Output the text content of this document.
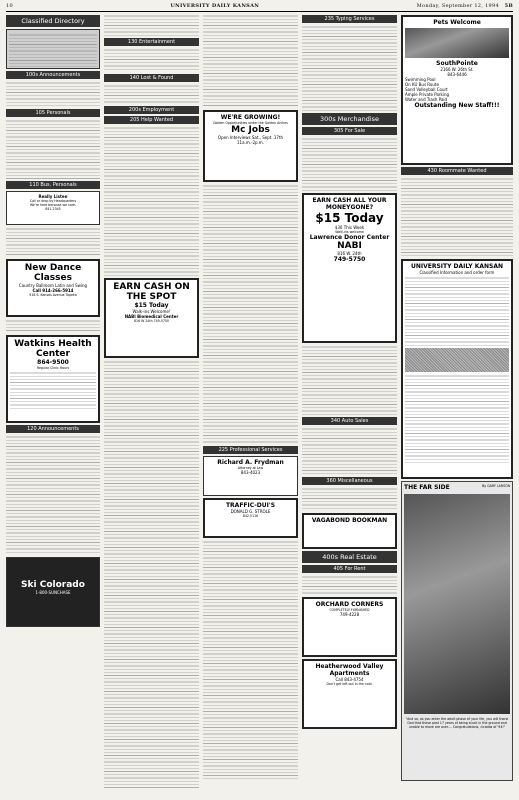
10	UNIVERSITY DAILY KANSAN	Monday, September 12, 1994 5B
Classified Directory
100s Announcements
105 Personals
110 Bus. Personals
Really Listen
Call or drop by Headquarters
We're here because we care.
841-2345
New Dance Classes
Country Ballroom Latin and Swing
Call 914-266-5914
918 S. Kansas Avenue Topeka
Watkins Health Center
864-9500
Regular Clinic Hours
120 Announcements
Ski Colorado
1-800-SUNCHASE
130 Entertainment
140 Lost & Found
200s Employment
205 Help Wanted
EARN CASH ON THE SPOT
$15 Today
Walk-ins Welcome!
NABI Biomedical Center
816 W 24th 749-5750
WE'RE GROWING!
Golden Opportunities under the Golden Arches
Mc Jobs
Open Interviews Sat., Sept. 17th 11a.m.-2p.m.
225 Professional Services
Richard A. Frydman
Attorney at Law
843-4023
TRAFFIC-DUI'S
DONALD G. STROLE
842-5116
235 Typing Services
300s Merchandise
305 For Sale
EARN CASH ALL YOUR MONEYGONE?
$15 Today
$30 This Week
Walk-ins welcome
Lawrence Donor Center
NABI
816 W. 24th
749-5750
340 Auto Sales
360 Miscellaneous
VAGABOND BOOKMAN
400s Real Estate
405 For Rent
ORCHARD CORNERS
COMPLETELY FURNISHED
749-4228
Heatherwood Valley Apartments
Call 843-4754
Don't get left out in the cold.
Pets Welcome
SouthPointe
2166 W. 26th St.
843-6446
Swimming Pool
On KU Bus Route
Sand Volleyball Court
Ample Private Parking
Water and Trash Paid
Outstanding New Staff!!!
430 Roommate Wanted
UNIVERSITY DAILY KANSAN
Classified Information and order form
THE FAR SIDE	By GARY LARSON
"And so, as you enter the adult phase of your life, you will thank God that these past 17 years of being stuck in the ground and unable to move are over.... Congratulations, cicadas of '94!"
